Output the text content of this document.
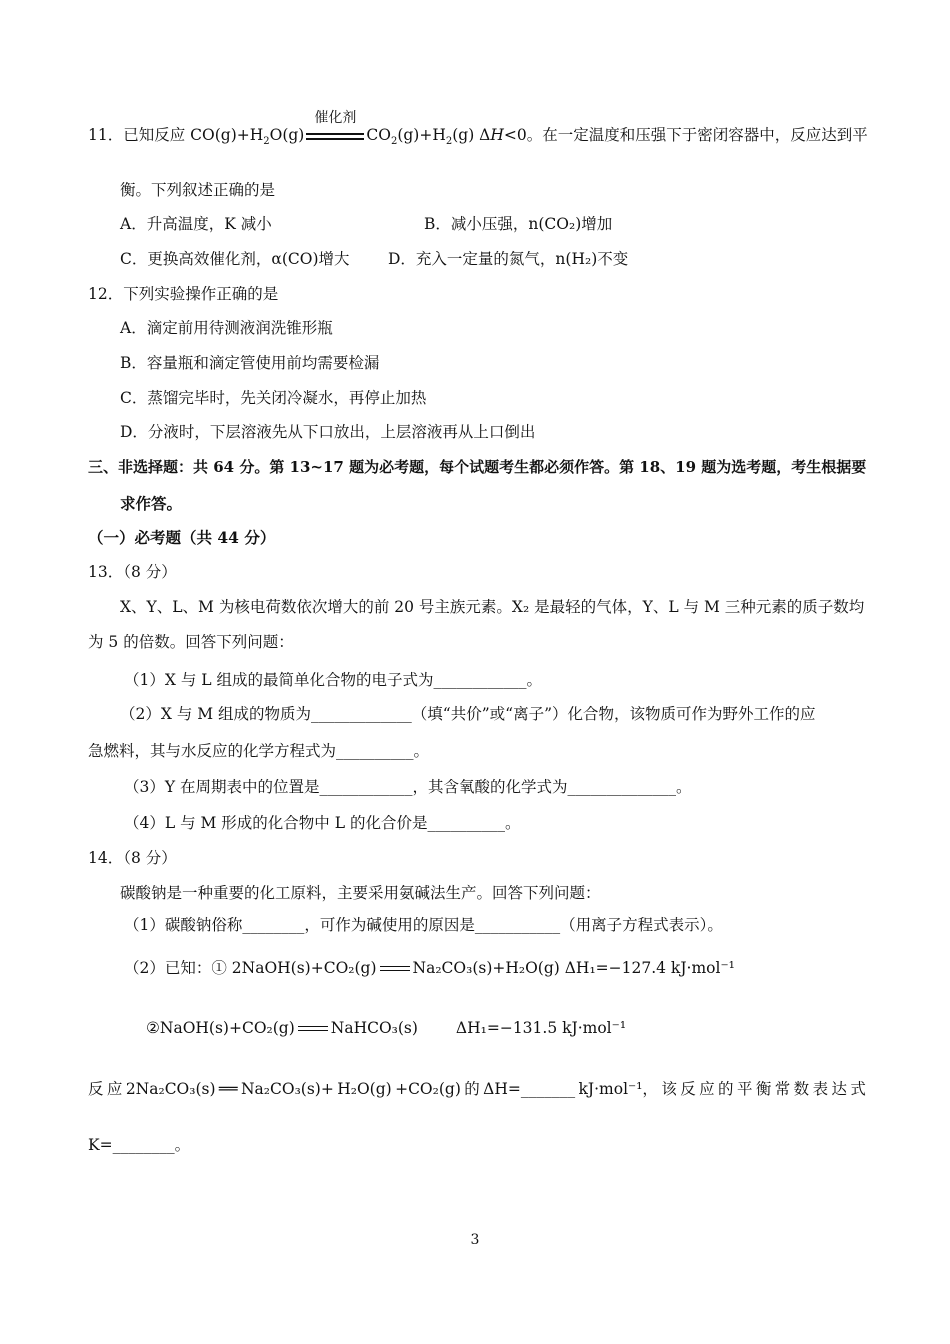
11．已知反应 $CO(g)+H_2O(g)$
催化剂
$CO_2(g)+H_2(g)$ ΔH<0。在一定温度和压强下于密闭容器中，反应达到平
衡。下列叙述正确的是
A．升高温度，K 减小	B．减小压强，n(CO₂)增加
C．更换高效催化剂，α(CO)增大 D．充入一定量的氮气，n(H₂)不变
12．下列实验操作正确的是
A．滴定前用待测液润洗锥形瓶
B．容量瓶和滴定管使用前均需要检漏
C．蒸馏完毕时，先关闭冷凝水，再停止加热
D．分液时，下层溶液先从下口放出，上层溶液再从上口倒出
三、非选择题：共 64 分。第 13~17 题为必考题，每个试题考生都必须作答。第 18、19 题为选考题，考生根据要
求作答。
（一）必考题（共 44 分）
13．（8 分）
X、Y、L、M 为核电荷数依次增大的前 20 号主族元素。X₂ 是最轻的气体，Y、L 与 M 三种元素的质子数均
为 5 的倍数。回答下列问题：
（1）X 与 L 组成的最简单化合物的电子式为____________。
（2）X 与 M 组成的物质为_____________（填“共价”或“离子”）化合物，该物质可作为野外工作的应
急燃料，其与水反应的化学方程式为__________。
（3）Y 在周期表中的位置是____________，其含氧酸的化学式为______________。
（4）L 与 M 形成的化合物中 L 的化合价是__________。
14．（8 分）
碳酸钠是一种重要的化工原料，主要采用氨碱法生产。回答下列问题：
（1）碳酸钠俗称________，可作为碱使用的原因是___________（用离子方程式表示）。
（2）已知：① 2NaOH(s)+CO₂(g) Na₂CO₃(s)+H₂O(g) ΔH₁=−127.4 kJ·mol⁻¹
②NaOH(s)+CO₂(g) NaHCO₃(s) ΔH₁=−131.5 kJ·mol⁻¹
反 应 2Na₂CO₃(s) ══ Na₂CO₃(s)+ H₂O(g) +CO₂(g) 的 ΔH=_______ kJ·mol⁻¹， 该 反 应 的 平 衡 常 数 表 达 式
K=________。
3
